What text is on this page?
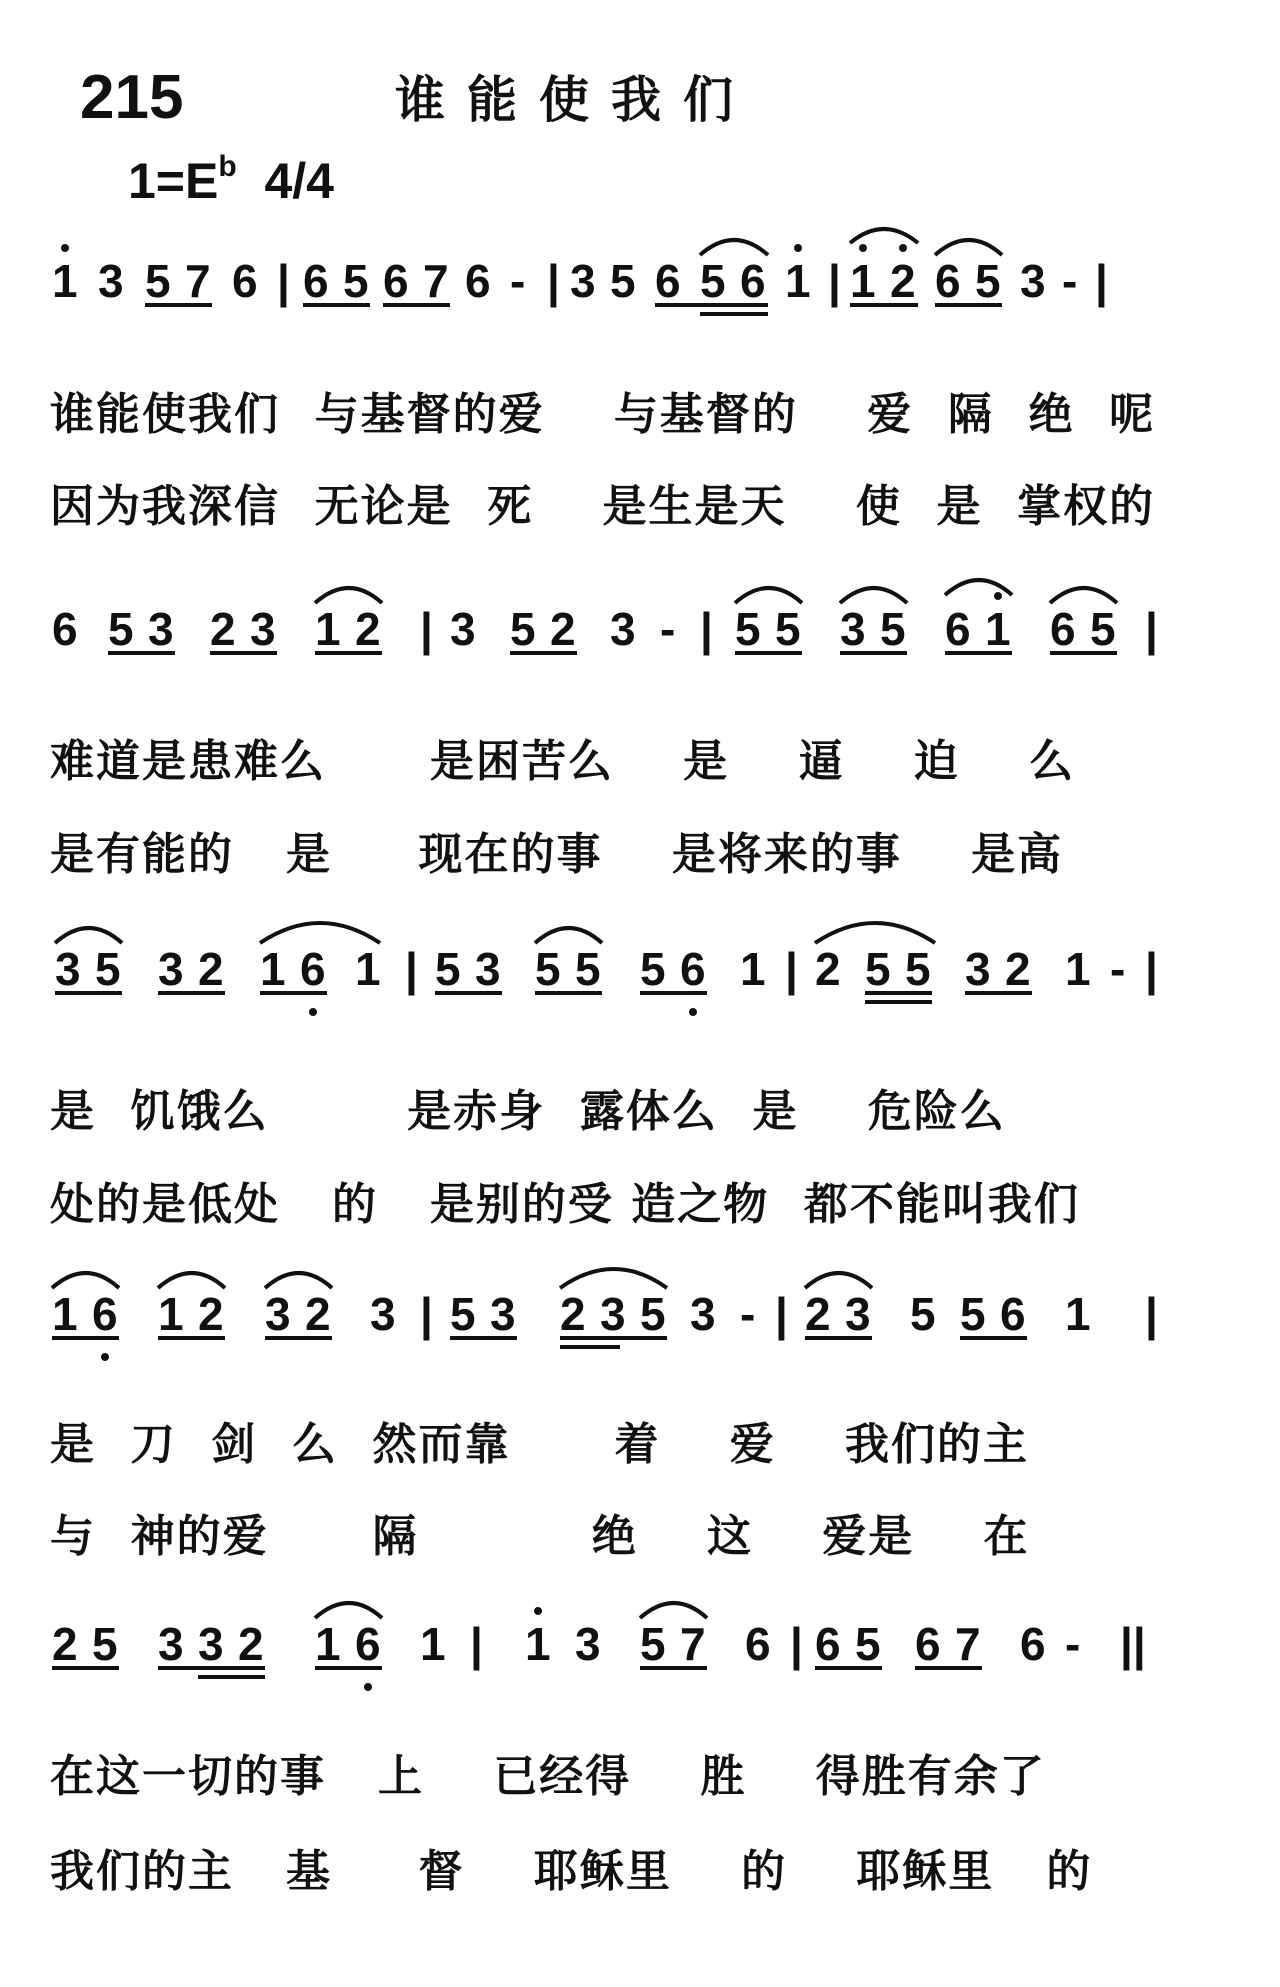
215	谁能使我们
$1=E^b$ 4/4
1 3 5 7 6 | 6 5 6 7 6 - | 3 5 6 5 6 1 | 1 2 6 5 3 - |
6 5 3 2 3 1 2 | 3 5 2 3 - | 5 5 3 5 6 1 6 5 |
3 5 3 2 1 6 1 | 5 3 5 5 5 6 1 | 2 5 5 3 2 1 - |
1 6 1 2 3 2 3 | 5 3 2 3 5 3 - | 2 3 5 5 6 1 |
2 5 3 3 2 1 6 1 | 1 3 5 7 6 | 6 5 6 7 6 - ||
谁能使我们  与基督的爱    与基督的    爱  隔  绝  呢
因为我深信  无论是  死    是生是天    使  是  掌权的
难道是患难么      是困苦么    是    逼    迫    么
是有能的   是     现在的事    是将来的事    是高
是  饥饿么        是赤身  露体么  是    危险么
处的是低处   的   是别的受 造之物  都不能叫我们
是  刀  剑  么  然而靠      着    爱    我们的主
与  神的爱      隔          绝    这    爱是    在
在这一切的事   上    已经得    胜    得胜有余了
我们的主   基     督    耶稣里    的    耶稣里   的
